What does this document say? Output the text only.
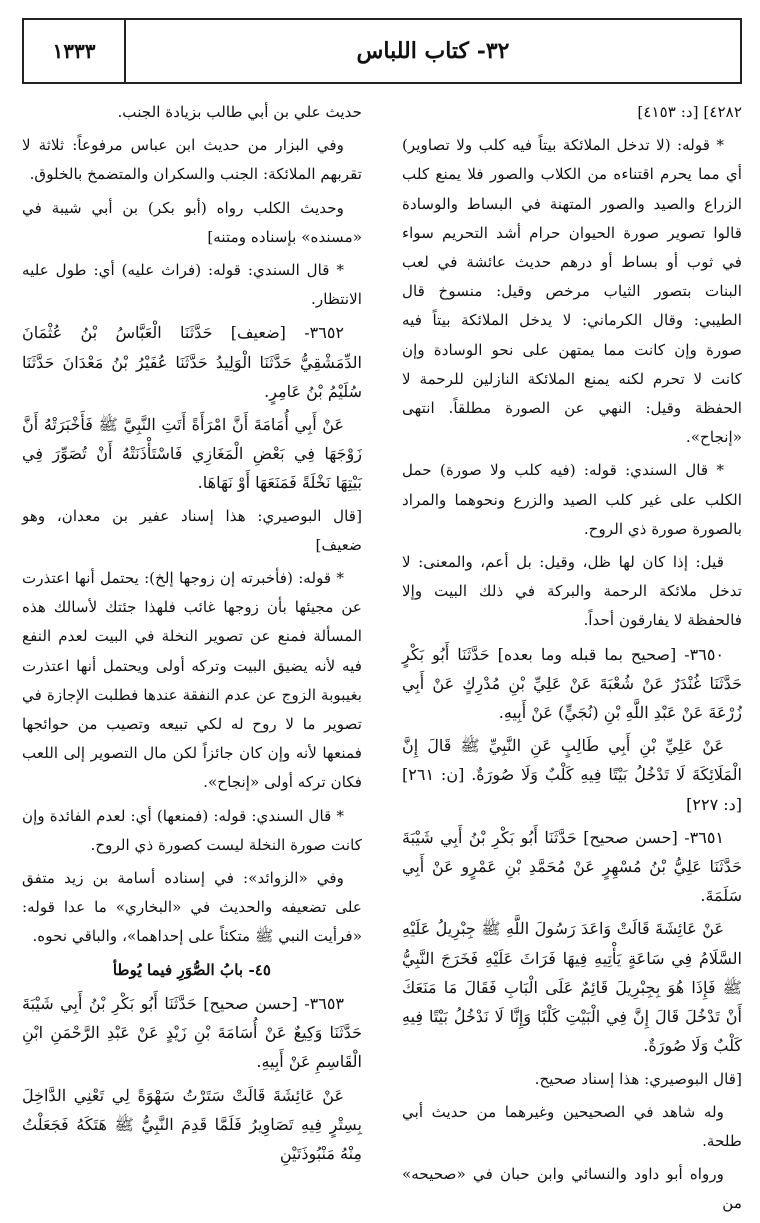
٣٢- كتاب اللباس
١٣٣٣

٤٢٨٢] [د: ٤١٥٣]

* قوله: (لا تدخل الملائكة بيتاً فيه كلب ولا تصاوير) أي مما يحرم اقتناءه من الكلاب والصور فلا يمنع كلب الزراع والصيد والصور المتهنة في البساط والوسادة قالوا تصوير صورة الحيوان حرام أشد التحريم سواء في ثوب أو بساط أو درهم حديث عائشة في لعب البنات بتصور الثياب مرخص وقيل: منسوخ قال الطيبي: وقال الكرماني: لا يدخل الملائكة بيتاً فيه صورة وإن كانت مما يمتهن على نحو الوسادة وإن كانت لا تحرم لكنه يمنع الملائكة النازلين للرحمة لا الحفظة وقيل: النهي عن الصورة مطلقاً. انتهى «إنجاح».

* قال السندي: قوله: (فيه كلب ولا صورة) حمل الكلب على غير كلب الصيد والزرع ونحوهما والمراد بالصورة صورة ذي الروح.

قيل: إذا كان لها ظل، وقيل: بل أعم، والمعنى: لا تدخل ملائكة الرحمة والبركة في ذلك البيت وإلا فالحفظة لا يفارقون أحداً.

٣٦٥٠- [صحيح بما قبله وما بعده] حَدَّثَنَا أَبُو بَكْرٍ حَدَّثَنَا غُنْدَرٌ عَنْ شُعْبَةَ عَنْ عَلِيِّ بْنِ مُدْرِكٍ عَنْ أَبِي زُرْعَةَ عَنْ عَبْدِ اللَّهِ بْنِ (نُجَيٍّ) عَنْ أَبِيهِ.

عَنْ عَلِيِّ بْنِ أَبِي طَالِبٍ عَنِ النَّبِيِّ ﷺ قَالَ إِنَّ الْمَلَائِكَةَ لَا تَدْخُلُ بَيْتًا فِيهِ كَلْبٌ وَلَا صُورَةٌ. [ن: ٢٦١] [د: ٢٢٧]

٣٦٥١- [حسن صحيح] حَدَّثَنَا أَبُو بَكْرِ بْنُ أَبِي شَيْبَةَ حَدَّثَنَا عَلِيُّ بْنُ مُسْهِرٍ عَنْ مُحَمَّدِ بْنِ عَمْرٍو عَنْ أَبِي سَلَمَةَ.

عَنْ عَائِشَةَ قَالَتْ وَاعَدَ رَسُولَ اللَّهِ ﷺ جِبْرِيلُ عَلَيْهِ السَّلَامُ فِي سَاعَةٍ يَأْتِيهِ فِيهَا فَرَاثَ عَلَيْهِ فَخَرَجَ النَّبِيُّ ﷺ فَإِذَا هُوَ بِجِبْرِيلَ قَائِمٌ عَلَى الْبَابِ فَقَالَ مَا مَنَعَكَ أَنْ تَدْخُلَ قَالَ إِنَّ فِي الْبَيْتِ كَلْبًا وَإِنَّا لَا نَدْخُلُ بَيْتًا فِيهِ كَلْبٌ وَلَا صُورَةٌ.

[قال البوصيري: هذا إسناد صحيح.

وله شاهد في الصحيحين وغيرهما من حديث أبي طلحة.

ورواه أبو داود والنسائي وابن حبان في «صحيحه» من

حديث علي بن أبي طالب بزيادة الجنب.

وفي البزار من حديث ابن عباس مرفوعاً: ثلاثة لا تقربهم الملائكة: الجنب والسكران والمتضمخ بالخلوق.

وحديث الكلب رواه (أبو بكر) بن أبي شيبة في «مسنده» بإسناده ومتنه]

* قال السندي: قوله: (فراث عليه) أي: طول عليه الانتظار.

٣٦٥٢- [ضعيف] حَدَّثَنَا الْعَبَّاسُ بْنُ عُثْمَانَ الدِّمَشْقِيُّ حَدَّثَنَا الْوَلِيدُ حَدَّثَنَا عُفَيْرُ بْنُ مَعْدَانَ حَدَّثَنَا سُلَيْمُ بْنُ عَامِرٍ.

عَنْ أَبِي أُمَامَةَ أَنَّ امْرَأَةً أَتَتِ النَّبِيَّ ﷺ فَأَخْبَرَتْهُ أَنَّ زَوْجَهَا فِي بَعْضِ الْمَغَازِي فَاسْتَأْذَنَتْهُ أَنْ تُصَوِّرَ فِي بَيْتِهَا نَخْلَةً فَمَنَعَهَا أَوْ نَهَاهَا.

[قال البوصيري: هذا إسناد عفير بن معدان، وهو ضعيف]

* قوله: (فأخبرته إن زوجها إلخ): يحتمل أنها اعتذرت عن مجيئها بأن زوجها غائب فلهذا جئتك لأسالك هذه المسألة فمنع عن تصوير النخلة في البيت لعدم النفع فيه لأنه يضيق البيت وتركه أولى ويحتمل أنها اعتذرت بغيبوبة الزوج عن عدم النفقة عندها فطلبت الإجازة في تصوير ما لا روح له لكي تبيعه وتصيب من حوائجها فمنعها لأنه وإن كان جائزاً لكن مال التصوير إلى اللعب فكان تركه أولى «إنجاح».

* قال السندي: قوله: (فمنعها) أي: لعدم الفائدة وإن كانت صورة النخلة ليست كصورة ذي الروح.

وفي «الزوائد»: في إسناده أسامة بن زيد متفق على تضعيفه والحديث في «البخاري» ما عدا قوله: «فرأيت النبي ﷺ متكئاً على إحداهما»، والباقي نحوه.

٤٥- بابُ الصُّوَرِ فيما يُوطأ

٣٦٥٣- [حسن صحيح] حَدَّثَنَا أَبُو بَكْرِ بْنُ أَبِي شَيْبَةَ حَدَّثَنَا وَكِيعٌ عَنْ أُسَامَةَ بْنِ زَيْدٍ عَنْ عَبْدِ الرَّحْمَنِ ابْنِ الْقَاسِمِ عَنْ أَبِيهِ.

عَنْ عَائِشَةَ قَالَتْ سَتَرْتُ سَهْوَةً لِي تَعْنِي الدَّاخِلَ بِسِتْرٍ فِيهِ تَصَاوِيرُ فَلَمَّا قَدِمَ النَّبِيُّ ﷺ هَتَكَهُ فَجَعَلْتُ مِنْهُ مَنْبُوذَتَيْنِ
